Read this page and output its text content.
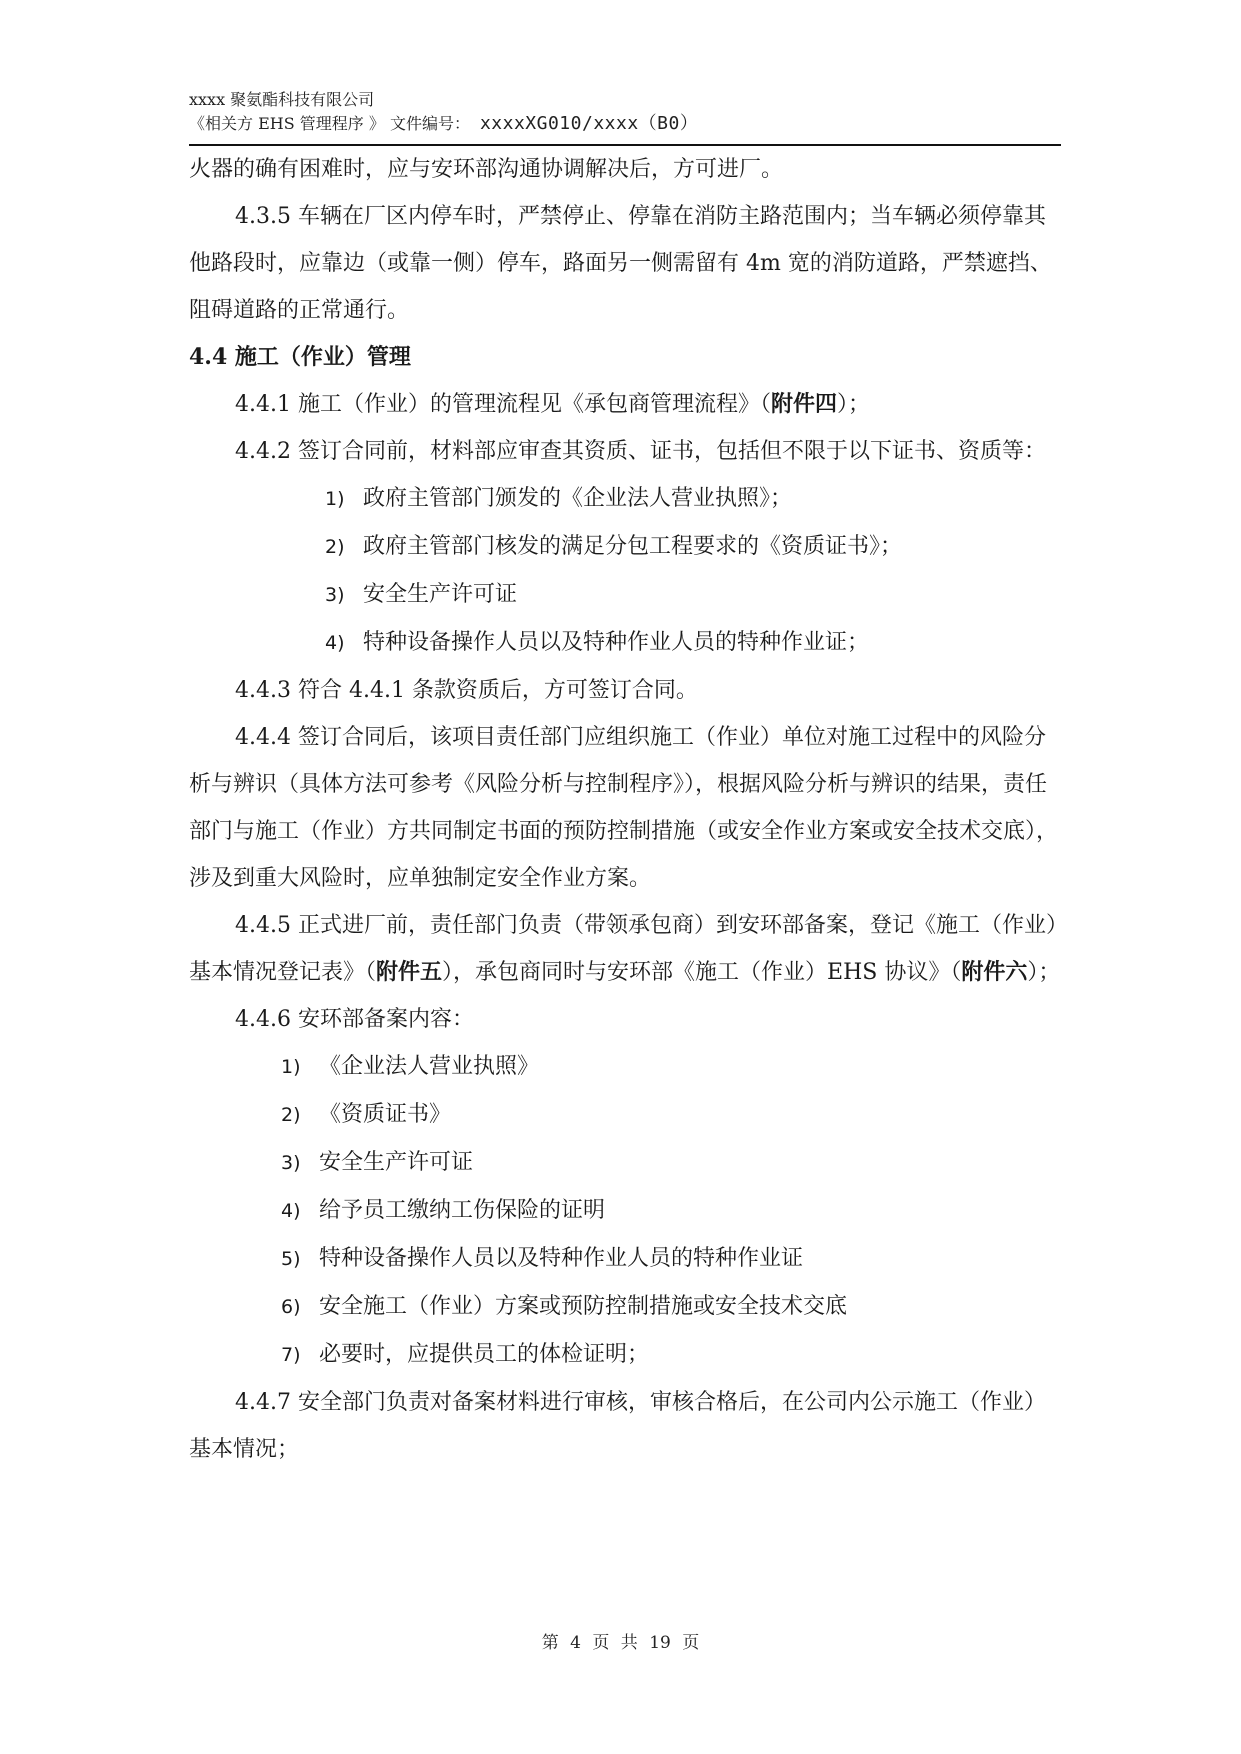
xxxx 聚氨酯科技有限公司
《相关方 EHS 管理程序 》 文件编号： xxxxXG010/xxxx（B0）

火器的确有困难时，应与安环部沟通协调解决后，方可进厂。

4.3.5 车辆在厂区内停车时，严禁停止、停靠在消防主路范围内；当车辆必须停靠其他路段时，应靠边（或靠一侧）停车，路面另一侧需留有 4m 宽的消防道路，严禁遮挡、阻碍道路的正常通行。

4.4 施工（作业）管理

4.4.1 施工（作业）的管理流程见《承包商管理流程》（附件四）；

4.4.2 签订合同前，材料部应审查其资质、证书，包括但不限于以下证书、资质等：

1) 政府主管部门颁发的《企业法人营业执照》；
2) 政府主管部门核发的满足分包工程要求的《资质证书》；
3) 安全生产许可证
4) 特种设备操作人员以及特种作业人员的特种作业证；

4.4.3 符合 4.4.1 条款资质后，方可签订合同。

4.4.4 签订合同后，该项目责任部门应组织施工（作业）单位对施工过程中的风险分析与辨识（具体方法可参考《风险分析与控制程序》），根据风险分析与辨识的结果，责任部门与施工（作业）方共同制定书面的预防控制措施（或安全作业方案或安全技术交底），涉及到重大风险时，应单独制定安全作业方案。

4.4.5 正式进厂前，责任部门负责（带领承包商）到安环部备案，登记《施工（作业）基本情况登记表》（附件五），承包商同时与安环部《施工（作业）EHS 协议》（附件六）；

4.4.6 安环部备案内容：

1) 《企业法人营业执照》
2) 《资质证书》
3) 安全生产许可证
4) 给予员工缴纳工伤保险的证明
5) 特种设备操作人员以及特种作业人员的特种作业证
6) 安全施工（作业）方案或预防控制措施或安全技术交底
7) 必要时，应提供员工的体检证明；

4.4.7 安全部门负责对备案材料进行审核，审核合格后，在公司内公示施工（作业）基本情况；

第 4 页 共 19 页
